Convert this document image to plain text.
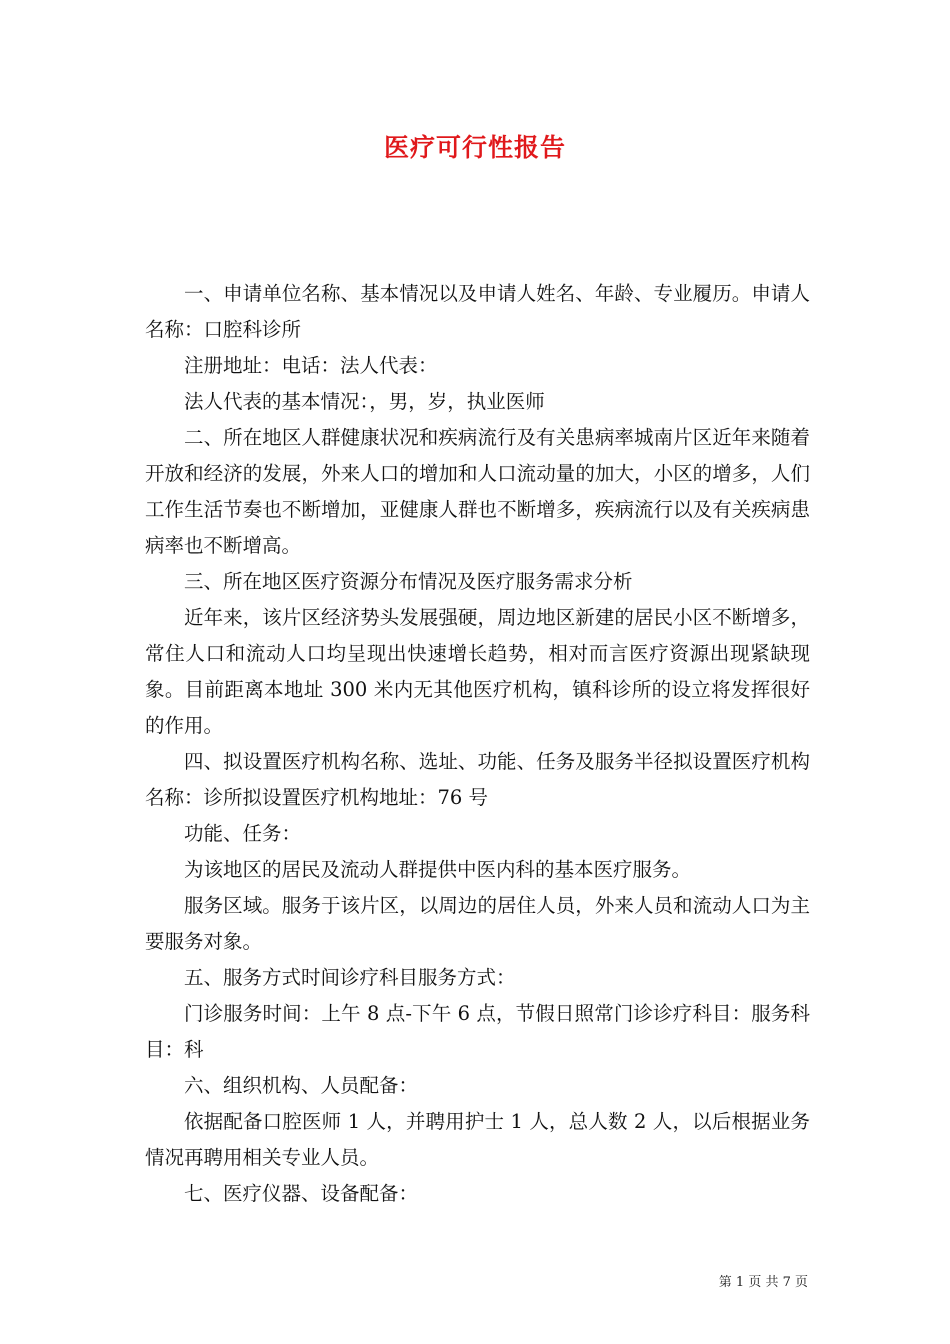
医疗可行性报告

一、申请单位名称、基本情况以及申请人姓名、年龄、专业履历。申请人名称：口腔科诊所

注册地址：电话：法人代表：

法人代表的基本情况：，男，岁，执业医师

二、所在地区人群健康状况和疾病流行及有关患病率城南片区近年来随着开放和经济的发展，外来人口的增加和人口流动量的加大，小区的增多，人们工作生活节奏也不断增加，亚健康人群也不断增多，疾病流行以及有关疾病患病率也不断增高。

三、所在地区医疗资源分布情况及医疗服务需求分析

近年来，该片区经济势头发展强硬，周边地区新建的居民小区不断增多，常住人口和流动人口均呈现出快速增长趋势，相对而言医疗资源出现紧缺现象。目前距离本地址 300 米内无其他医疗机构，镇科诊所的设立将发挥很好的作用。

四、拟设置医疗机构名称、选址、功能、任务及服务半径拟设置医疗机构名称：诊所拟设置医疗机构地址：76 号

功能、任务：

为该地区的居民及流动人群提供中医内科的基本医疗服务。

服务区域。服务于该片区，以周边的居住人员，外来人员和流动人口为主要服务对象。

五、服务方式时间诊疗科目服务方式：

门诊服务时间：上午 8 点-下午 6 点，节假日照常门诊诊疗科目：服务科目：科

六、组织机构、人员配备：

依据配备口腔医师 1 人，并聘用护士 1 人，总人数 2 人，以后根据业务情况再聘用相关专业人员。

七、医疗仪器、设备配备：

第 1 页 共 7 页
